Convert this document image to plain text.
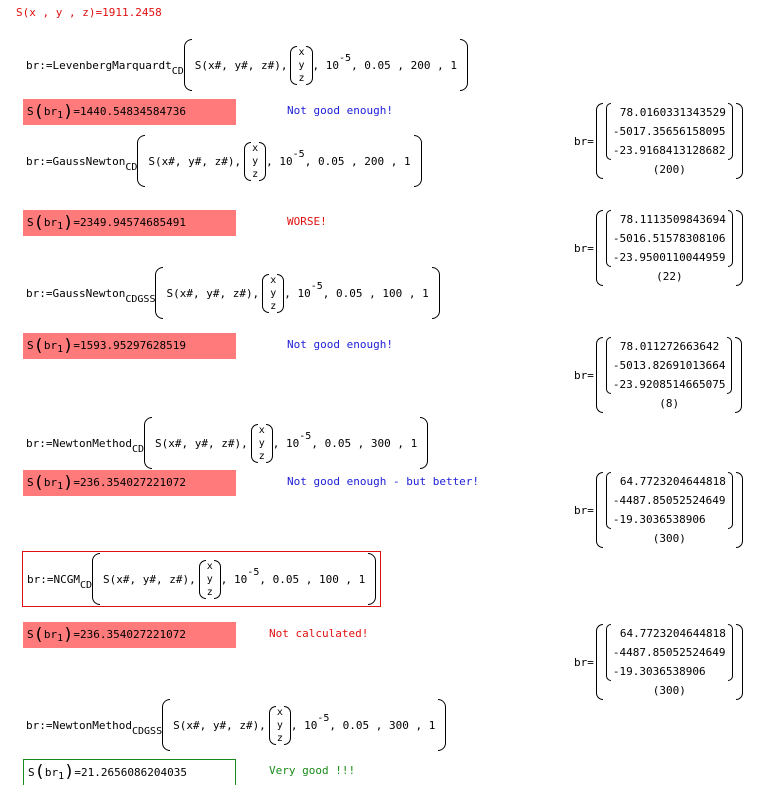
S(x , y , z)=1911.2458
br:= LevenbergMarquardt CD S(x#, y#, z#),
x
y
z
, 10
-5
, 0.05 , 200 , 1
br:= GaussNewton CD S(x#, y#, z#),
x
y
z
, 10
-5
, 0.05 , 200 , 1
br:= GaussNewton CDGSS S(x#, y#, z#),
x
y
z
, 10
-5
, 0.05 , 100 , 1
br:= NewtonMethod CD S(x#, y#, z#),
x
y
z
, 10
-5
, 0.05 , 300 , 1
br:= NCGM CD S(x#, y#, z#),
x
y
z
, 10
-5
, 0.05 , 100 , 1
br:= NewtonMethod CDGSS S(x#, y#, z#),
x
y
z
, 10
-5
, 0.05 , 300 , 1
S ( br 1 ) =1440.54834584736	Not good enough!
S ( br 1 ) =2349.94574685491	WORSE!
S ( br 1 ) =1593.95297628519	Not good enough!
S ( br 1 ) =236.354027221072	Not good enough - but better!
S ( br 1 ) =236.354027221072	Not calculated!
S ( br 1 ) =21.2656086204035	Very good !!!
br=
78.0160331343529
-5017.35656158095
-23.9168413128682
(200)
br=
78.1113509843694
-5016.51578308106
-23.9500110044959
(22)
br=
78.011272663642
-5013.82691013664
-23.9208514665075
(8)
br=
64.7723204644818
-4487.85052524649
-19.3036538906
(300)
br=
64.7723204644818
-4487.85052524649
-19.3036538906
(300)
